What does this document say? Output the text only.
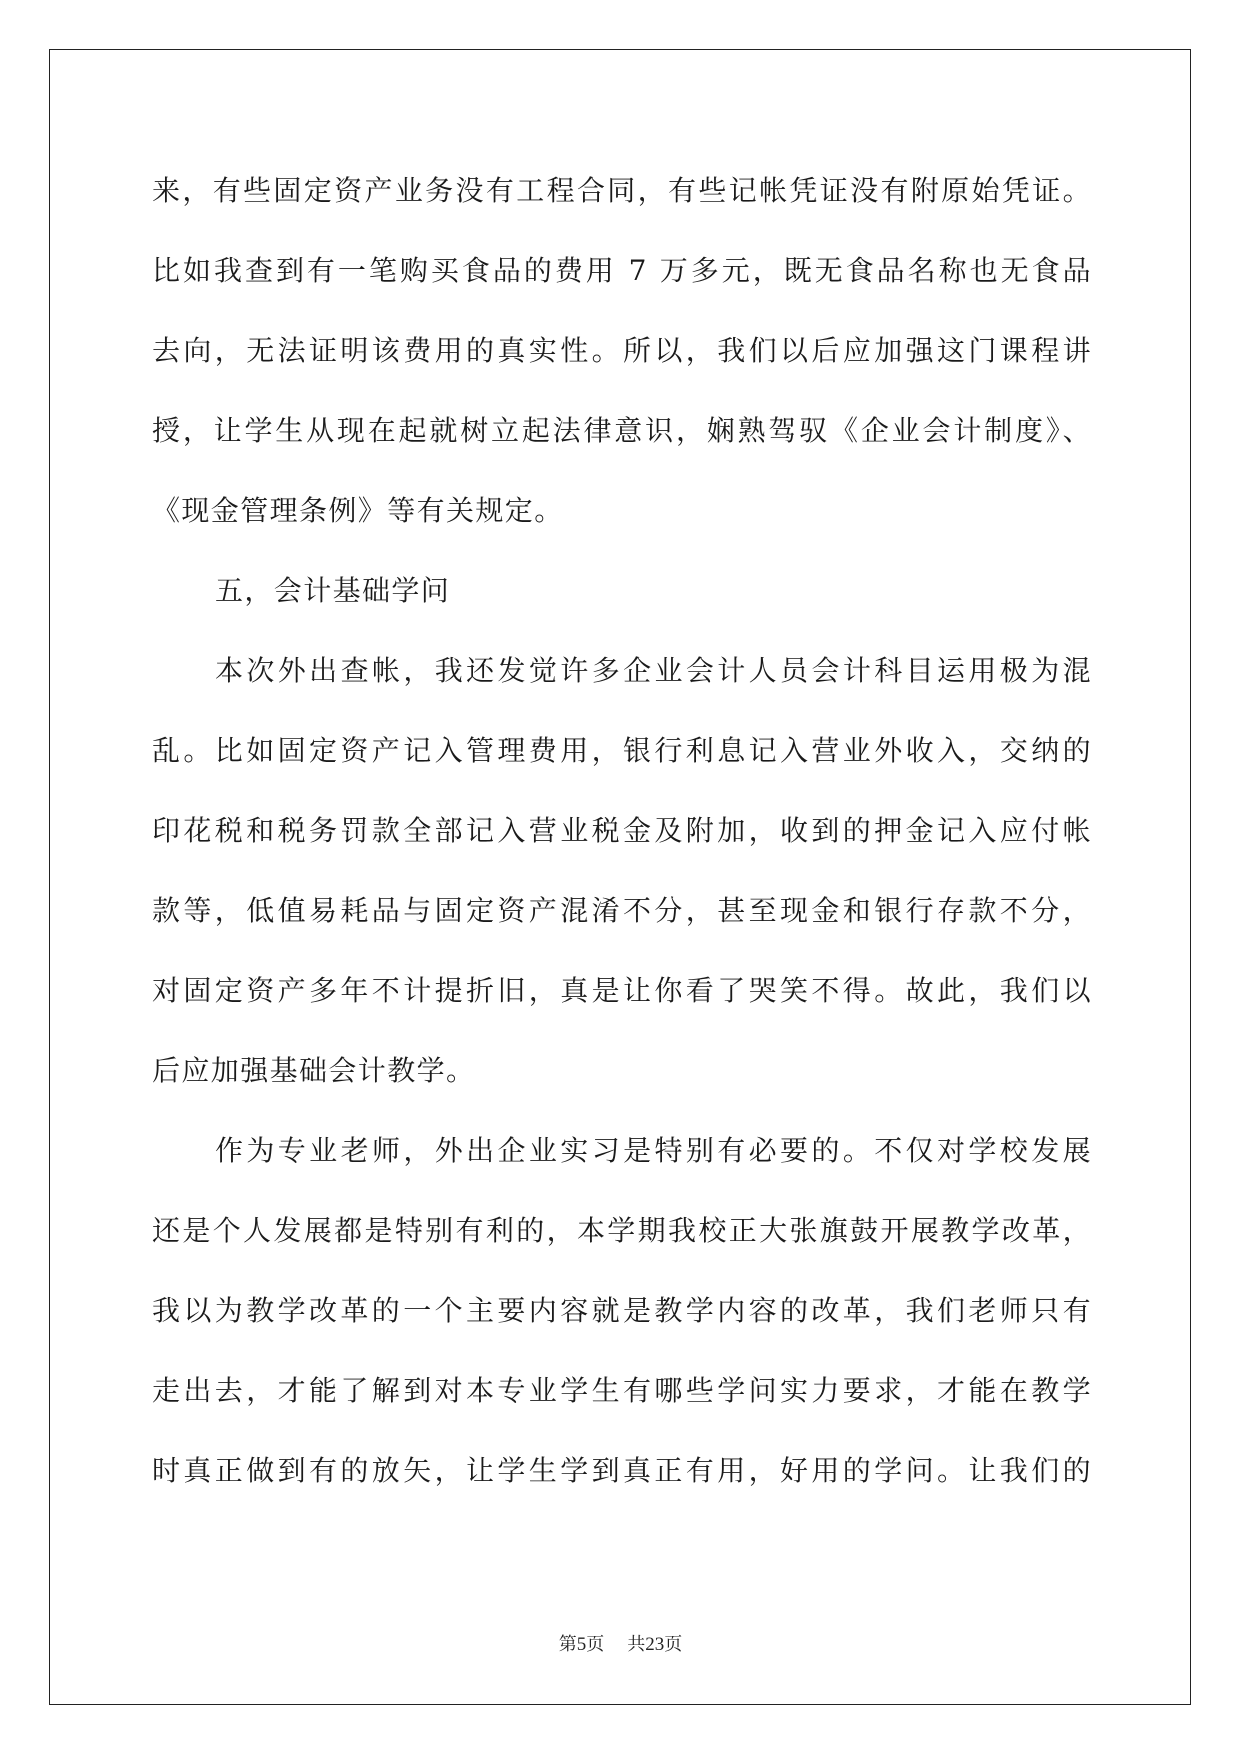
来，有些固定资产业务没有工程合同，有些记帐凭证没有附原始凭证。
比如我查到有一笔购买食品的费用 7 万多元，既无食品名称也无食品
去向，无法证明该费用的真实性。所以，我们以后应加强这门课程讲
授，让学生从现在起就树立起法律意识，娴熟驾驭《企业会计制度》、
《现金管理条例》等有关规定。
五，会计基础学问
本次外出查帐，我还发觉许多企业会计人员会计科目运用极为混
乱。比如固定资产记入管理费用，银行利息记入营业外收入，交纳的
印花税和税务罚款全部记入营业税金及附加，收到的押金记入应付帐
款等，低值易耗品与固定资产混淆不分，甚至现金和银行存款不分，
对固定资产多年不计提折旧，真是让你看了哭笑不得。故此，我们以
后应加强基础会计教学。
作为专业老师，外出企业实习是特别有必要的。不仅对学校发展
还是个人发展都是特别有利的，本学期我校正大张旗鼓开展教学改革，
我以为教学改革的一个主要内容就是教学内容的改革，我们老师只有
走出去，才能了解到对本专业学生有哪些学问实力要求，才能在教学
时真正做到有的放矢，让学生学到真正有用，好用的学问。让我们的
第5页 共23页
